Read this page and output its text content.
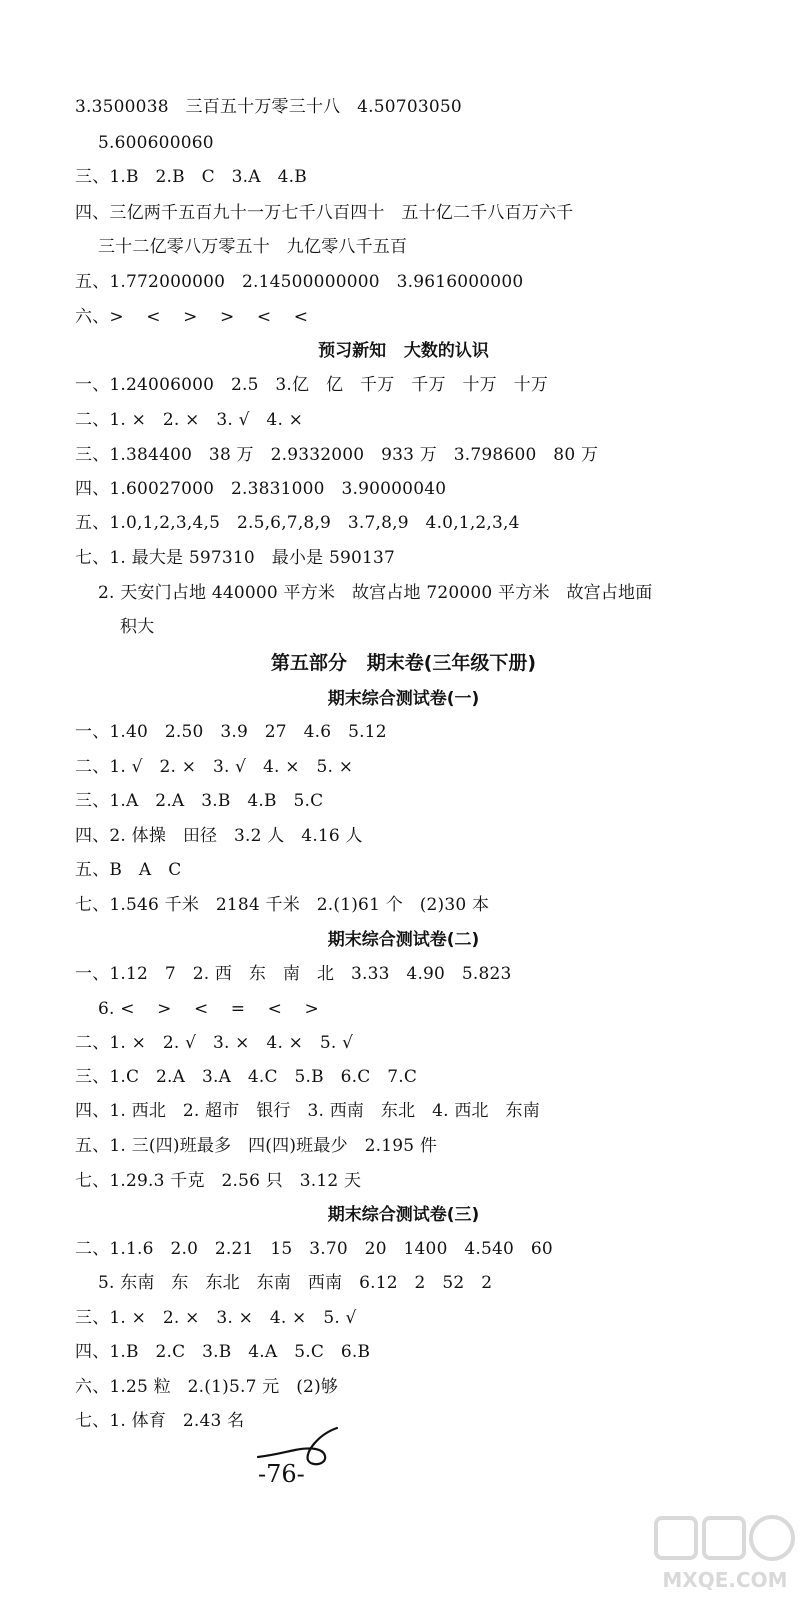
3.3500038   三百五十万零三十八   4.50703050
5.600600060
三、1.B   2.B   C   3.A   4.B
四、三亿两千五百九十一万七千八百四十   五十亿二千八百万六千
三十二亿零八万零五十   九亿零八千五百
五、1.772000000   2.14500000000   3.9616000000
六、>    <    >    >    <    <
预习新知   大数的认识
一、1.24006000   2.5   3.亿   亿   千万   千万   十万   十万
二、1. ×   2. ×   3. √   4. ×
三、1.384400   38 万   2.9332000   933 万   3.798600   80 万
四、1.60027000   2.3831000   3.90000040
五、1.0,1,2,3,4,5   2.5,6,7,8,9   3.7,8,9   4.0,1,2,3,4
七、1. 最大是 597310   最小是 590137
2. 天安门占地 440000 平方米   故宫占地 720000 平方米   故宫占地面
积大
第五部分   期末卷(三年级下册)
期末综合测试卷(一)
一、1.40   2.50   3.9   27   4.6   5.12
二、1. √   2. ×   3. √   4. ×   5. ×
三、1.A   2.A   3.B   4.B   5.C
四、2. 体操   田径   3.2 人   4.16 人
五、B   A   C
七、1.546 千米   2184 千米   2.(1)61 个   (2)30 本
期末综合测试卷(二)
一、1.12   7   2. 西   东   南   北   3.33   4.90   5.823
6. <    >    <    =    <    >
二、1. ×   2. √   3. ×   4. ×   5. √
三、1.C   2.A   3.A   4.C   5.B   6.C   7.C
四、1. 西北   2. 超市   银行   3. 西南   东北   4. 西北   东南
五、1. 三(四)班最多   四(四)班最少   2.195 件
七、1.29.3 千克   2.56 只   3.12 天
期末综合测试卷(三)
二、1.1.6   2.0   2.21   15   3.70   20   1400   4.540   60
5. 东南   东   东北   东南   西南   6.12   2   52   2
三、1. ×   2. ×   3. ×   4. ×   5. √
四、1.B   2.C   3.B   4.A   5.C   6.B
六、1.25 粒   2.(1)5.7 元   (2)够
七、1. 体育   2.43 名
-76-
MXQE.COM
